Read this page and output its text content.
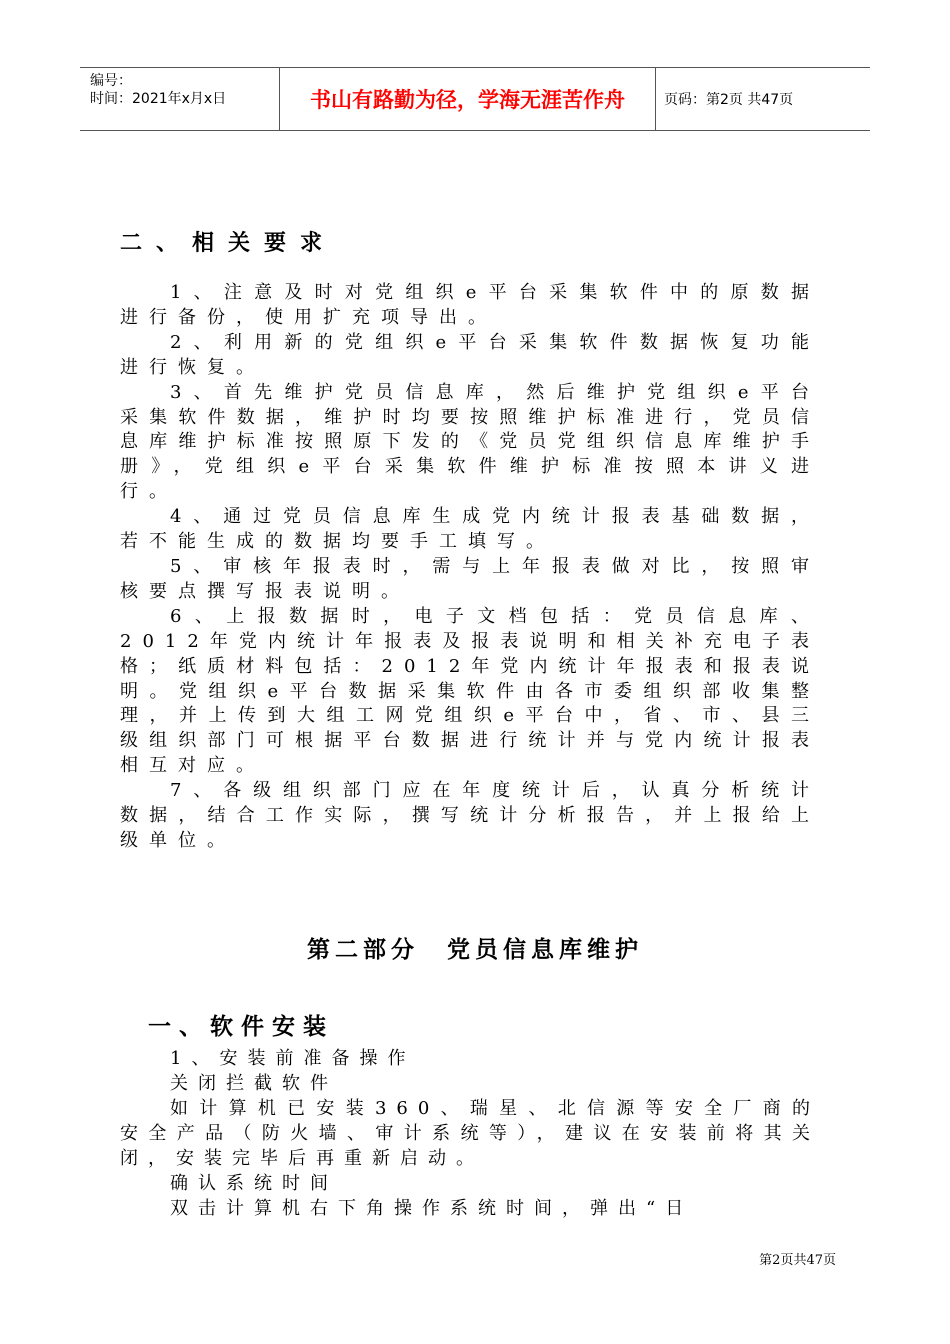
编号：
时间：2021年x月x日	书山有路勤为径，学海无涯苦作舟	页码：第2页 共47页
二、相关要求

1、注意及时对党组织e平台采集软件中的原数据进行备份，使用扩充项导出。

2、利用新的党组织e平台采集软件数据恢复功能进行恢复。

3、首先维护党员信息库，然后维护党组织e平台采集软件数据，维护时均要按照维护标准进行，党员信息库维护标准按照原下发的《党员党组织信息库维护手册》，党组织e平台采集软件维护标准按照本讲义进行。

4、通过党员信息库生成党内统计报表基础数据，若不能生成的数据均要手工填写。

5、审核年报表时，需与上年报表做对比，按照审核要点撰写报表说明。

6、上报数据时，电子文档包括：党员信息库、2012年党内统计年报表及报表说明和相关补充电子表格；纸质材料包括：2012年党内统计年报表和报表说明。党组织e平台数据采集软件由各市委组织部收集整理，并上传到大组工网党组织e平台中，省、市、县三级组织部门可根据平台数据进行统计并与党内统计报表相互对应。

7、各级组织部门应在年度统计后，认真分析统计数据，结合工作实际，撰写统计分析报告，并上报给上级单位。

第二部分　党员信息库维护
一、软件安装

1、安装前准备操作

关闭拦截软件

如计算机已安装360、瑞星、北信源等安全厂商的安全产品（防火墙、审计系统等），建议在安装前将其关闭，安装完毕后再重新启动。

确认系统时间

双击计算机右下角操作系统时间，弹出“日

第2页共47页
